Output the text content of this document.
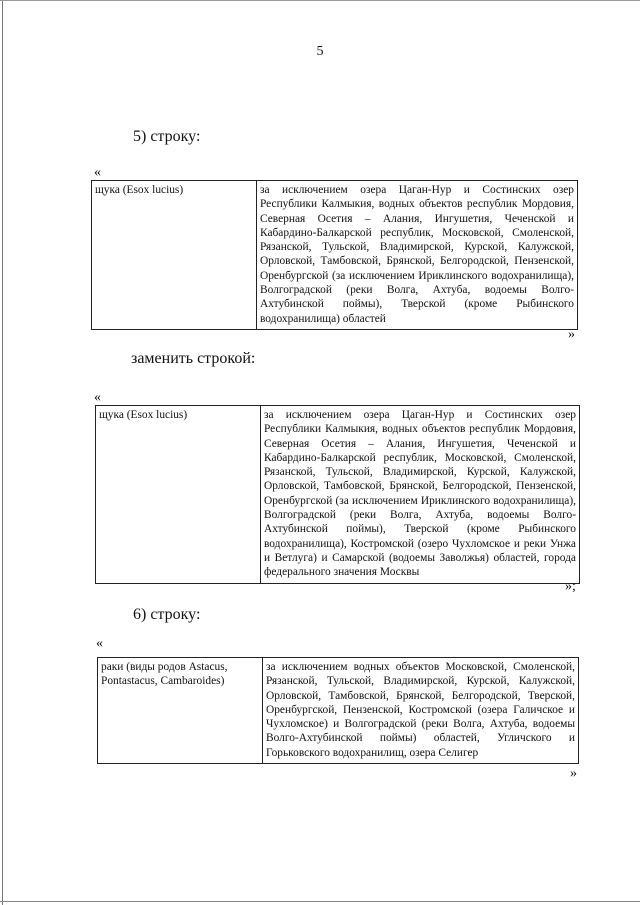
5
5) строку:
«
щука (Esox lucius)	за исключением озера Цаган-Нур и Состинских озер Республики Калмыкия, водных объектов республик Мордовия, Северная Осетия – Алания, Ингушетия, Чеченской и Кабардино-Балкарской республик, Московской, Смоленской, Рязанской, Тульской, Владимирской, Курской, Калужской, Орловской, Тамбовской, Брянской, Белгородской, Пензенской, Оренбургской (за исключением Ириклинского водохранилища), Волгоградской (реки Волга, Ахтуба, водоемы Волго-Ахтубинской поймы), Тверской (кроме Рыбинского водохранилища) областей
»
заменить строкой:
«
щука (Esox lucius)	за исключением озера Цаган-Нур и Состинских озер Республики Калмыкия, водных объектов республик Мордовия, Северная Осетия – Алания, Ингушетия, Чеченской и Кабардино-Балкарской республик, Московской, Смоленской, Рязанской, Тульской, Владимирской, Курской, Калужской, Орловской, Тамбовской, Брянской, Белгородской, Пензенской, Оренбургской (за исключением Ириклинского водохранилища), Волгоградской (реки Волга, Ахтуба, водоемы Волго-Ахтубинской поймы), Тверской (кроме Рыбинского водохранилища), Костромской (озеро Чухломское и реки Унжа и Ветлуга) и Самарской (водоемы Заволжья) областей, города федерального значения Москвы
»;
6) строку:
«
раки (виды родов Astacus, Pontastacus, Cambaroides)	за исключением водных объектов Московской, Смоленской, Рязанской, Тульской, Владимирской, Курской, Калужской, Орловской, Тамбовской, Брянской, Белгородской, Тверской, Оренбургской, Пензенской, Костромской (озера Галичское и Чухломское) и Волгоградской (реки Волга, Ахтуба, водоемы Волго-Ахтубинской поймы) областей, Угличского и Горьковского водохранилищ, озера Селигер
»
